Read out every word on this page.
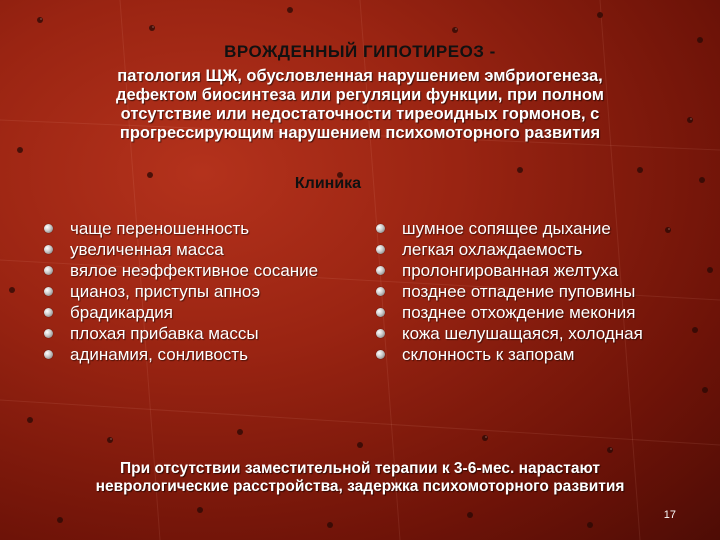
ВРОЖДЕННЫЙ ГИПОТИРЕОЗ -
патология ЩЖ, обусловленная нарушением эмбриогенеза,
дефектом биосинтеза или регуляции функции, при полном
отсутствие или недостаточности тиреоидных гормонов, с
прогрессирующим нарушением психомоторного развития
Клиника
чаще переношенность
увеличенная масса
вялое неэффективное сосание
цианоз, приступы апноэ
брадикардия
плохая прибавка массы
адинамия, сонливость
шумное сопящее дыхание
легкая охлаждаемость
пролонгированная желтуха
позднее отпадение пуповины
позднее отхождение мекония
кожа шелушащаяся, холодная
склонность к запорам
При отсутствии заместительной терапии к 3-6-мес. нарастают
неврологические расстройства, задержка психомоторного развития
17
